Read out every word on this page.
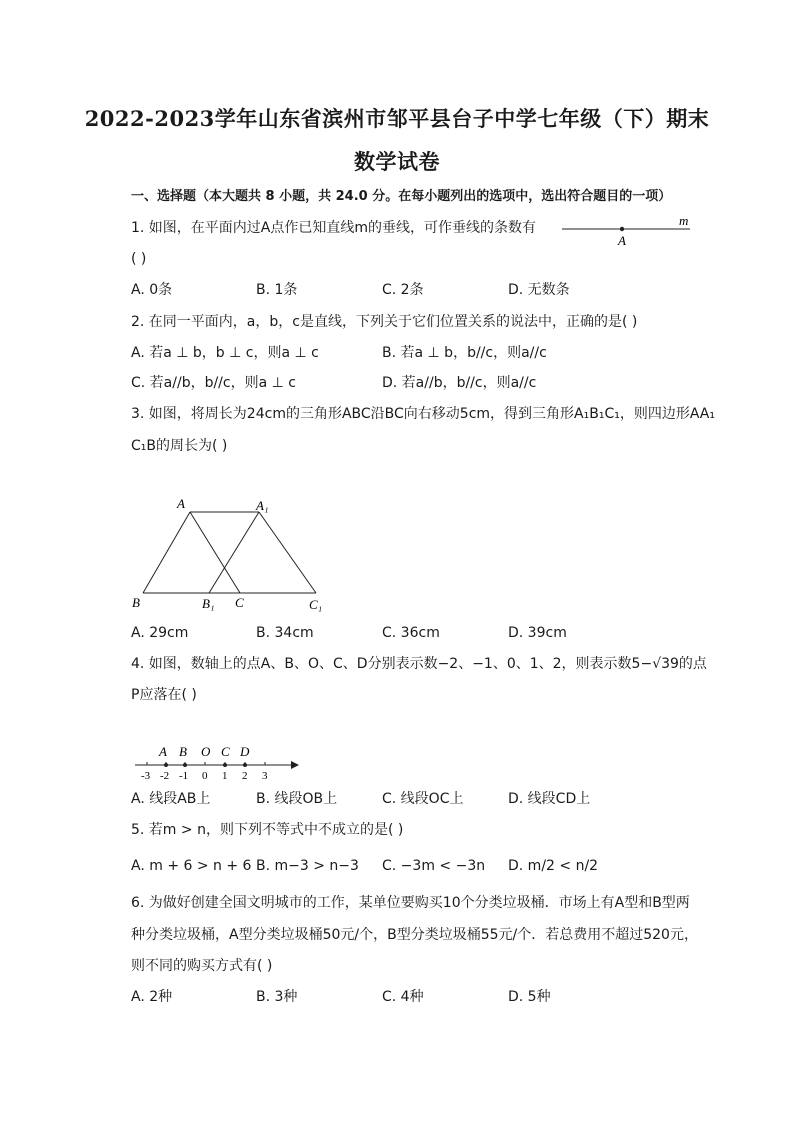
2022-2023学年山东省滨州市邹平县台子中学七年级（下）期末
数学试卷
一、选择题（本大题共 8 小题，共 24.0 分。在每小题列出的选项中，选出符合题目的一项）
1. 如图，在平面内过A点作已知直线m的垂线，可作垂线的条数有
( )
m
A
A. 0条	B. 1条	C. 2条	D. 无数条
2. 在同一平面内，a，b，c是直线，下列关于它们位置关系的说法中，正确的是( )
A. 若a ⊥ b，b ⊥ c，则a ⊥ c	B. 若a ⊥ b，b//c，则a//c
C. 若a//b，b//c，则a ⊥ c	D. 若a//b，b//c，则a//c
3. 如图，将周长为24cm的三角形ABC沿BC向右移动5cm，得到三角形A₁B₁C₁，则四边形AA₁
C₁B的周长为( )
A	A₁
B	B₁ C	C₁
A. 29cm	B. 34cm	C. 36cm	D. 39cm
4. 如图，数轴上的点A、B、O、C、D分别表示数−2、−1、0、1、2，则表示数5−√39的点
P应落在( )
A B O C D
-3 -2 -1 0 1 2 3
A. 线段AB上	B. 线段OB上	C. 线段OC上	D. 线段CD上
5. 若m > n，则下列不等式中不成立的是( )
A. m + 6 > n + 6 B. m−3 > n−3 C. −3m < −3n D. m/2 < n/2
6. 为做好创建全国文明城市的工作，某单位要购买10个分类垃圾桶．市场上有A型和B型两
种分类垃圾桶，A型分类垃圾桶50元/个，B型分类垃圾桶55元/个．若总费用不超过520元，
则不同的购买方式有( )
A. 2种	B. 3种	C. 4种	D. 5种
